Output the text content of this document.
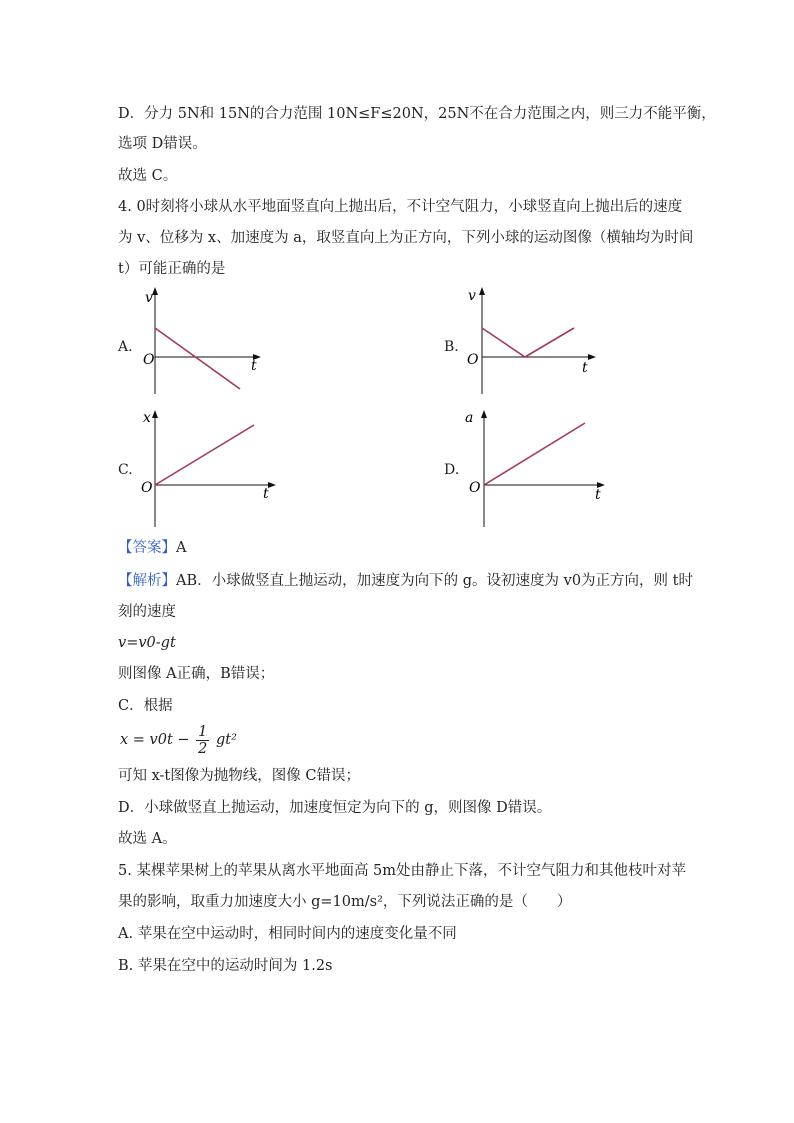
D．分力 5N和 15N的合力范围 10N≤F≤20N，25N不在合力范围之内，则三力不能平衡，
选项 D错误。
故选 C。
4. 0时刻将小球从水平地面竖直向上抛出后，不计空气阻力，小球竖直向上抛出后的速度
为 v、位移为 x、加速度为 a，取竖直向上为正方向，下列小球的运动图像（横轴均为时间
t）可能正确的是
A.
v
O	t
B.
v
O	t
C.
x
O	t
D.
a
O	t
【答案】A
【解析】AB．小球做竖直上抛运动，加速度为向下的 g。设初速度为 v0为正方向，则 t时
刻的速度
v=v0-gt
则图像 A正确，B错误；
C．根据
$x = v0t - \frac{1}{2} gt^2$
可知 x-t图像为抛物线，图像 C错误；
D．小球做竖直上抛运动，加速度恒定为向下的 g，则图像 D错误。
故选 A。
5. 某棵苹果树上的苹果从离水平地面高 5m处由静止下落，不计空气阻力和其他枝叶对苹
果的影响，取重力加速度大小 g=10m/s²，下列说法正确的是（　　）
A. 苹果在空中运动时，相同时间内的速度变化量不同
B. 苹果在空中的运动时间为 1.2s
